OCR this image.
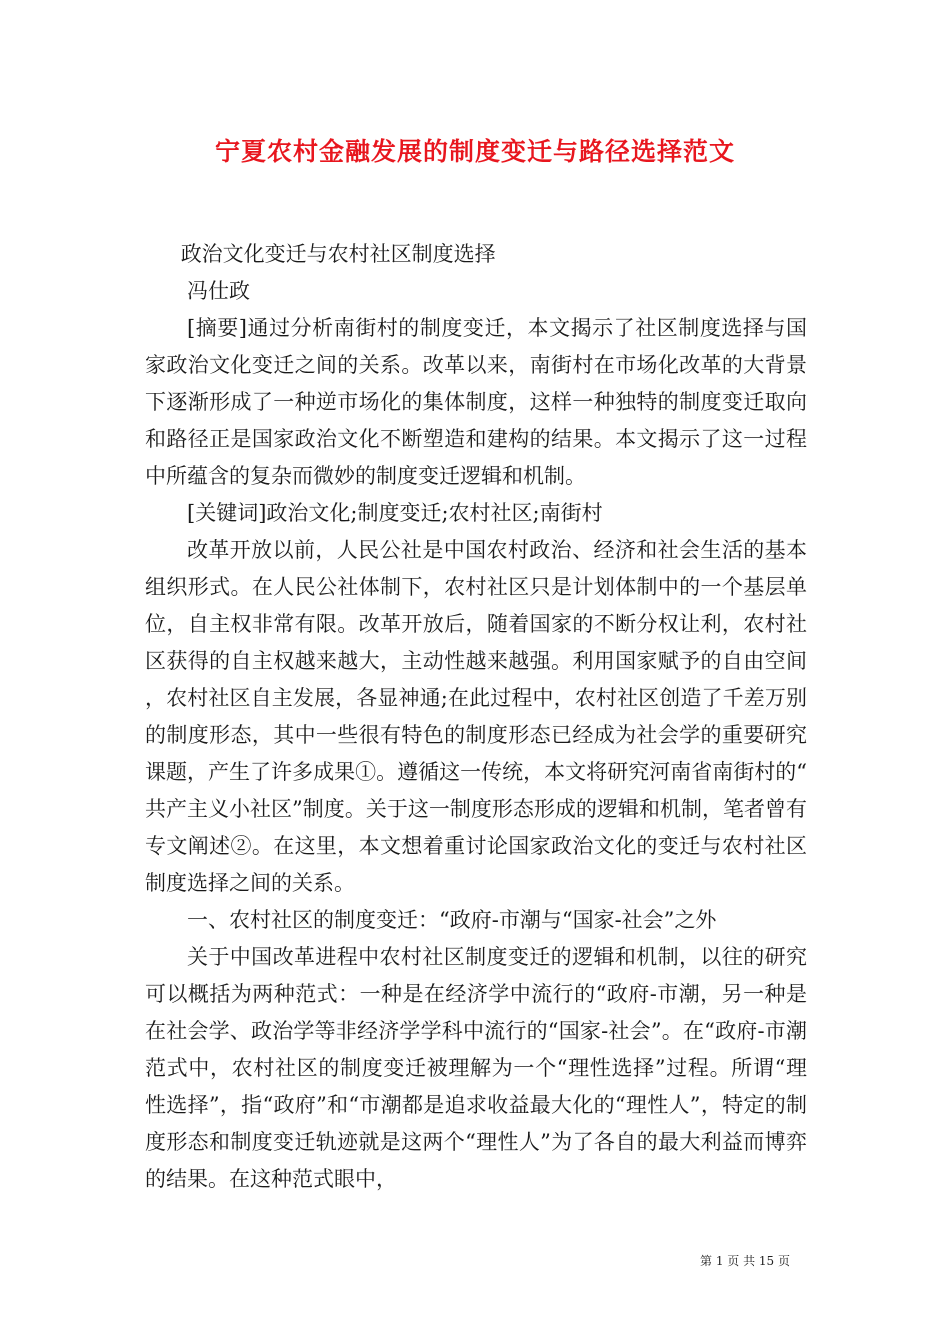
宁夏农村金融发展的制度变迁与路径选择范文

政治文化变迁与农村社区制度选择

冯仕政

[摘要]通过分析南街村的制度变迁，本文揭示了社区制度选择与国家政治文化变迁之间的关系。改革以来，南街村在市场化改革的大背景下逐渐形成了一种逆市场化的集体制度，这样一种独特的制度变迁取向和路径正是国家政治文化不断塑造和建构的结果。本文揭示了这一过程中所蕴含的复杂而微妙的制度变迁逻辑和机制。

[关键词]政治文化;制度变迁;农村社区;南街村

改革开放以前，人民公社是中国农村政治、经济和社会生活的基本组织形式。在人民公社体制下，农村社区只是计划体制中的一个基层单位，自主权非常有限。改革开放后，随着国家的不断分权让利，农村社区获得的自主权越来越大，主动性越来越强。利用国家赋予的自由空间，农村社区自主发展，各显神通;在此过程中，农村社区创造了千差万别的制度形态，其中一些很有特色的制度形态已经成为社会学的重要研究课题，产生了许多成果①。遵循这一传统，本文将研究河南省南街村的“共产主义小社区”制度。关于这一制度形态形成的逻辑和机制，笔者曾有专文阐述②。在这里，本文想着重讨论国家政治文化的变迁与农村社区制度选择之间的关系。

一、农村社区的制度变迁：“政府-市潮与“国家-社会”之外

关于中国改革进程中农村社区制度变迁的逻辑和机制，以往的研究可以概括为两种范式：一种是在经济学中流行的“政府-市潮，另一种是在社会学、政治学等非经济学学科中流行的“国家-社会”。在“政府-市潮范式中，农村社区的制度变迁被理解为一个“理性选择”过程。所谓“理性选择”，指“政府”和“市潮都是追求收益最大化的“理性人”，特定的制度形态和制度变迁轨迹就是这两个“理性人”为了各自的最大利益而博弈的结果。在这种范式眼中，

第 1 页 共 15 页
